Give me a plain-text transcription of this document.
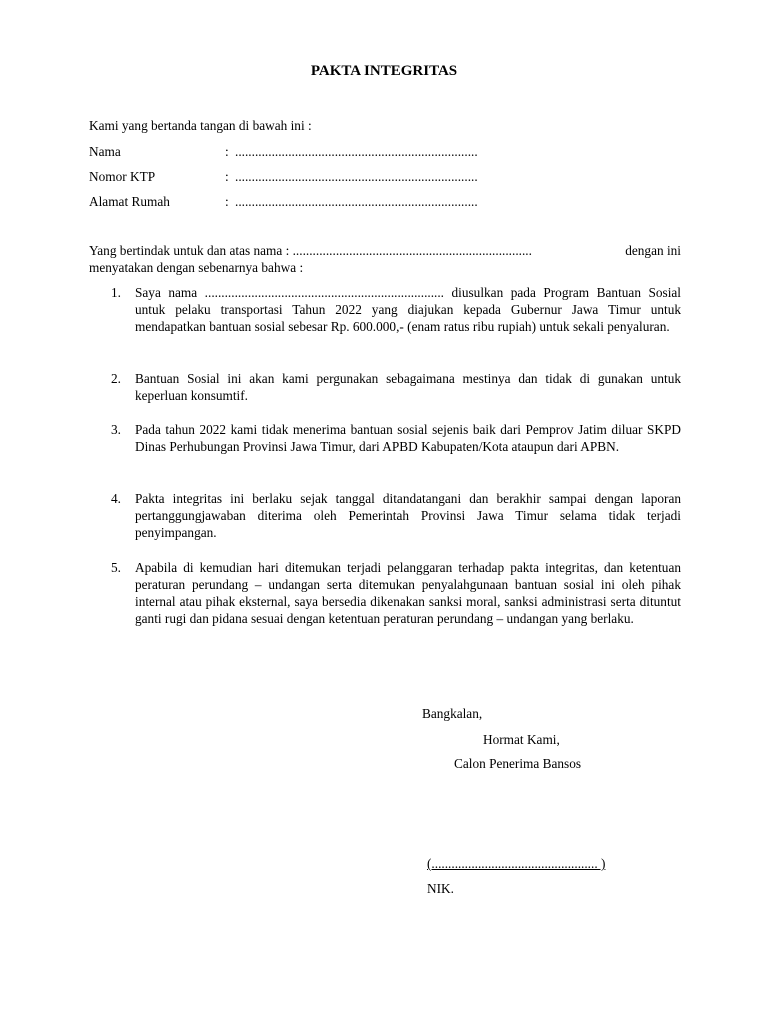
PAKTA INTEGRITAS
Kami yang bertanda tangan di bawah ini :
Nama	: .........................................................................
Nomor KTP	: .........................................................................
Alamat Rumah	: .........................................................................
Yang bertindak untuk dan atas nama : ........................................................................	dengan ini
menyatakan dengan sebenarnya bahwa :
1. Saya nama ........................................................................ diusulkan pada Program Bantuan Sosial untuk pelaku transportasi Tahun 2022 yang diajukan kepada Gubernur Jawa Timur untuk mendapatkan bantuan sosial sebesar Rp. 600.000,- (enam ratus ribu rupiah) untuk sekali penyaluran.
2. Bantuan Sosial ini akan kami pergunakan sebagaimana mestinya dan tidak di gunakan untuk keperluan konsumtif.
3. Pada tahun 2022 kami tidak menerima bantuan sosial sejenis baik dari Pemprov Jatim diluar SKPD Dinas Perhubungan Provinsi Jawa Timur, dari APBD Kabupaten/Kota ataupun dari APBN.
4. Pakta integritas ini berlaku sejak tanggal ditandatangani dan berakhir sampai dengan laporan pertanggungjawaban diterima oleh Pemerintah Provinsi Jawa Timur selama tidak terjadi penyimpangan.
5. Apabila di kemudian hari ditemukan terjadi pelanggaran terhadap pakta integritas, dan ketentuan peraturan perundang – undangan serta ditemukan penyalahgunaan bantuan sosial ini oleh pihak internal atau pihak eksternal, saya bersedia dikenakan sanksi moral, sanksi administrasi serta dituntut ganti rugi dan pidana sesuai dengan ketentuan peraturan perundang – undangan yang berlaku.
Bangkalan,
Hormat Kami,
Calon Penerima Bansos
(.................................................. )
NIK.
